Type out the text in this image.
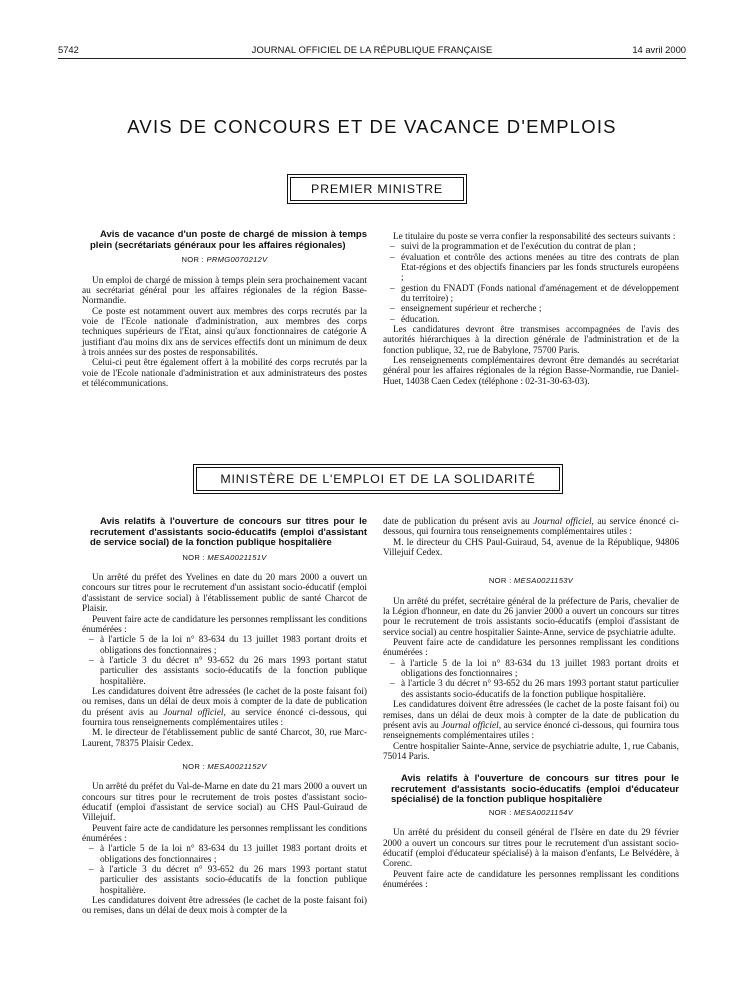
5742	JOURNAL OFFICIEL DE LA RÉPUBLIQUE FRANÇAISE	14 avril 2000
AVIS DE CONCOURS ET DE VACANCE D'EMPLOIS
PREMIER MINISTRE

Avis de vacance d'un poste de chargé de mission à temps plein (secrétariats généraux pour les affaires régionales)

NOR : PRMG0070212V

Un emploi de chargé de mission à temps plein sera prochainement vacant au secrétariat général pour les affaires régionales de la région Basse-Normandie.

Ce poste est notamment ouvert aux membres des corps recrutés par la voie de l'Ecole nationale d'administration, aux membres des corps techniques supérieurs de l'Etat, ainsi qu'aux fonctionnaires de catégorie A justifiant d'au moins dix ans de services effectifs dont un minimum de deux à trois années sur des postes de responsabilités.

Celui-ci peut être également offert à la mobilité des corps recrutés par la voie de l'Ecole nationale d'administration et aux administrateurs des postes et télécommunications.

Le titulaire du poste se verra confier la responsabilité des secteurs suivants :

– suivi de la programmation et de l'exécution du contrat de plan ;
– évaluation et contrôle des actions menées au titre des contrats de plan Etat-régions et des objectifs financiers par les fonds structurels européens ;
– gestion du FNADT (Fonds national d'aménagement et de développement du territoire) ;
– enseignement supérieur et recherche ;
– éducation.

Les candidatures devront être transmises accompagnées de l'avis des autorités hiérarchiques à la direction générale de l'administration et de la fonction publique, 32, rue de Babylone, 75700 Paris.

Les renseignements complémentaires devront être demandés au secrétariat général pour les affaires régionales de la région Basse-Normandie, rue Daniel-Huet, 14038 Caen Cedex (téléphone : 02-31-30-63-03).

MINISTÈRE DE L'EMPLOI ET DE LA SOLIDARITÉ

Avis relatifs à l'ouverture de concours sur titres pour le recrutement d'assistants socio-éducatifs (emploi d'assistant de service social) de la fonction publique hospitalière

NOR : MESA0021151V

Un arrêté du préfet des Yvelines en date du 20 mars 2000 a ouvert un concours sur titres pour le recrutement d'un assistant socio-éducatif (emploi d'assistant de service social) à l'établissement public de santé Charcot de Plaisir.

Peuvent faire acte de candidature les personnes remplissant les conditions énumérées :

– à l'article 5 de la loi n° 83-634 du 13 juillet 1983 portant droits et obligations des fonctionnaires ;
– à l'article 3 du décret n° 93-652 du 26 mars 1993 portant statut particulier des assistants socio-éducatifs de la fonction publique hospitalière.

Les candidatures doivent être adressées (le cachet de la poste faisant foi) ou remises, dans un délai de deux mois à compter de la date de publication du présent avis au Journal officiel, au service énoncé ci-dessous, qui fournira tous renseignements complémentaires utiles :

M. le directeur de l'établissement public de santé Charcot, 30, rue Marc-Laurent, 78375 Plaisir Cedex.

NOR : MESA0021152V

Un arrêté du préfet du Val-de-Marne en date du 21 mars 2000 a ouvert un concours sur titres pour le recrutement de trois postes d'assistant socio-éducatif (emploi d'assistant de service social) au CHS Paul-Guiraud de Villejuif.

Peuvent faire acte de candidature les personnes remplissant les conditions énumérées :

– à l'article 5 de la loi n° 83-634 du 13 juillet 1983 portant droits et obligations des fonctionnaires ;
– à l'article 3 du décret n° 93-652 du 26 mars 1993 portant statut particulier des assistants socio-éducatifs de la fonction publique hospitalière.

Les candidatures doivent être adressées (le cachet de la poste faisant foi) ou remises, dans un délai de deux mois à compter de la

date de publication du présent avis au Journal officiel, au service énoncé ci-dessous, qui fournira tous renseignements complémentaires utiles :

M. le directeur du CHS Paul-Guiraud, 54, avenue de la République, 94806 Villejuif Cedex.

NOR : MESA0021153V

Un arrêté du préfet, secrétaire général de la préfecture de Paris, chevalier de la Légion d'honneur, en date du 26 janvier 2000 a ouvert un concours sur titres pour le recrutement de trois assistants socio-éducatifs (emploi d'assistant de service social) au centre hospitalier Sainte-Anne, service de psychiatrie adulte.

Peuvent faire acte de candidature les personnes remplissant les conditions énumérées :

– à l'article 5 de la loi n° 83-634 du 13 juillet 1983 portant droits et obligations des fonctionnaires ;
– à l'article 3 du décret n° 93-652 du 26 mars 1993 portant statut particulier des assistants socio-éducatifs de la fonction publique hospitalière.

Les candidatures doivent être adressées (le cachet de la poste faisant foi) ou remises, dans un délai de deux mois à compter de la date de publication du présent avis au Journal officiel, au service énoncé ci-dessous, qui fournira tous renseignements complémentaires utiles :

Centre hospitalier Sainte-Anne, service de psychiatrie adulte, 1, rue Cabanis, 75014 Paris.

Avis relatifs à l'ouverture de concours sur titres pour le recrutement d'assistants socio-éducatifs (emploi d'éducateur spécialisé) de la fonction publique hospitalière

NOR : MESA0021154V

Un arrêté du président du conseil général de l'Isère en date du 29 février 2000 a ouvert un concours sur titres pour le recrutement d'un assistant socio-éducatif (emploi d'éducateur spécialisé) à la maison d'enfants, Le Belvédère, à Corenc.

Peuvent faire acte de candidature les personnes remplissant les conditions énumérées :
